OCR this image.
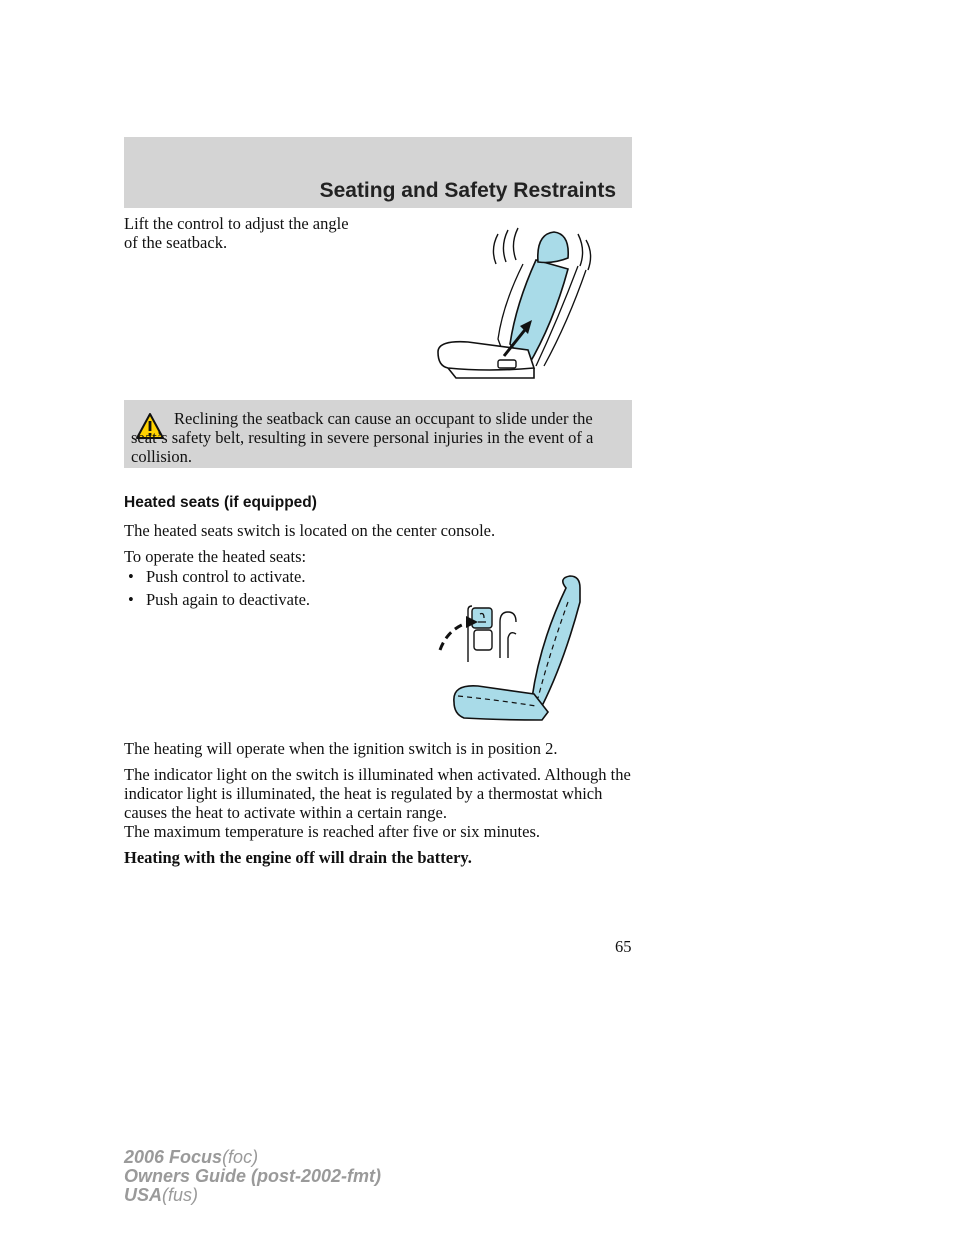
Seating and Safety Restraints

Lift the control to adjust the angle

of the seatback.

Reclining the seatback can cause an occupant to slide under the seat’s safety belt, resulting in severe personal injuries in the event of a collision.

Heated seats (if equipped)

The heated seats switch is located on the center console.

To operate the heated seats:

• Push control to activate.
• Push again to deactivate.

The heating will operate when the ignition switch is in position 2.

The indicator light on the switch is illuminated when activated. Although the indicator light is illuminated, the heat is regulated by a thermostat which causes the heat to activate within a certain range.

The maximum temperature is reached after five or six minutes.

Heating with the engine off will drain the battery.

65
2006 Focus(foc)
Owners Guide (post-2002-fmt)
USA(fus)
